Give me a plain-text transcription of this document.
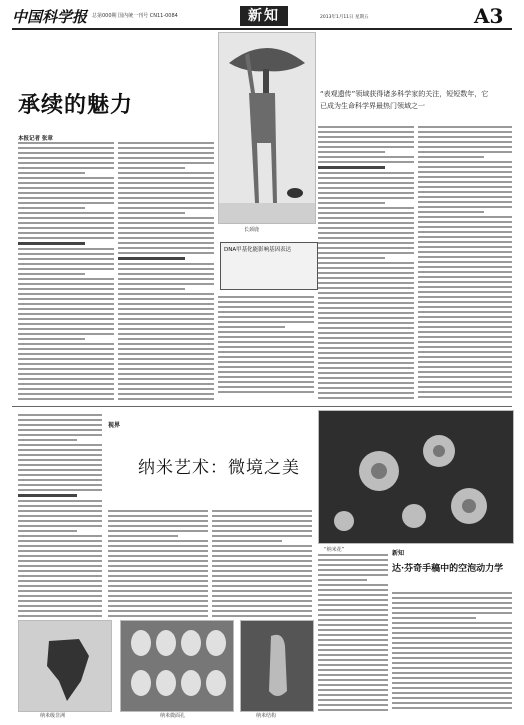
中国科学报 总第000期 国内统一刊号 CN11-0084	新知	2013年1月11日 星期五	A3
承续的魅力
长颈鹿
“表观遗传”领域获得诸多科学家的关注，短短数年，它已成为生命科学界最热门领域之一
本报记者 张章
DNA甲基化能影响基因表达
视界
纳米艺术：微境之美
“纳米花”	新知
达·芬奇手稿中的空泡动力学
纳米级非洲	纳米微面孔	纳米结构
